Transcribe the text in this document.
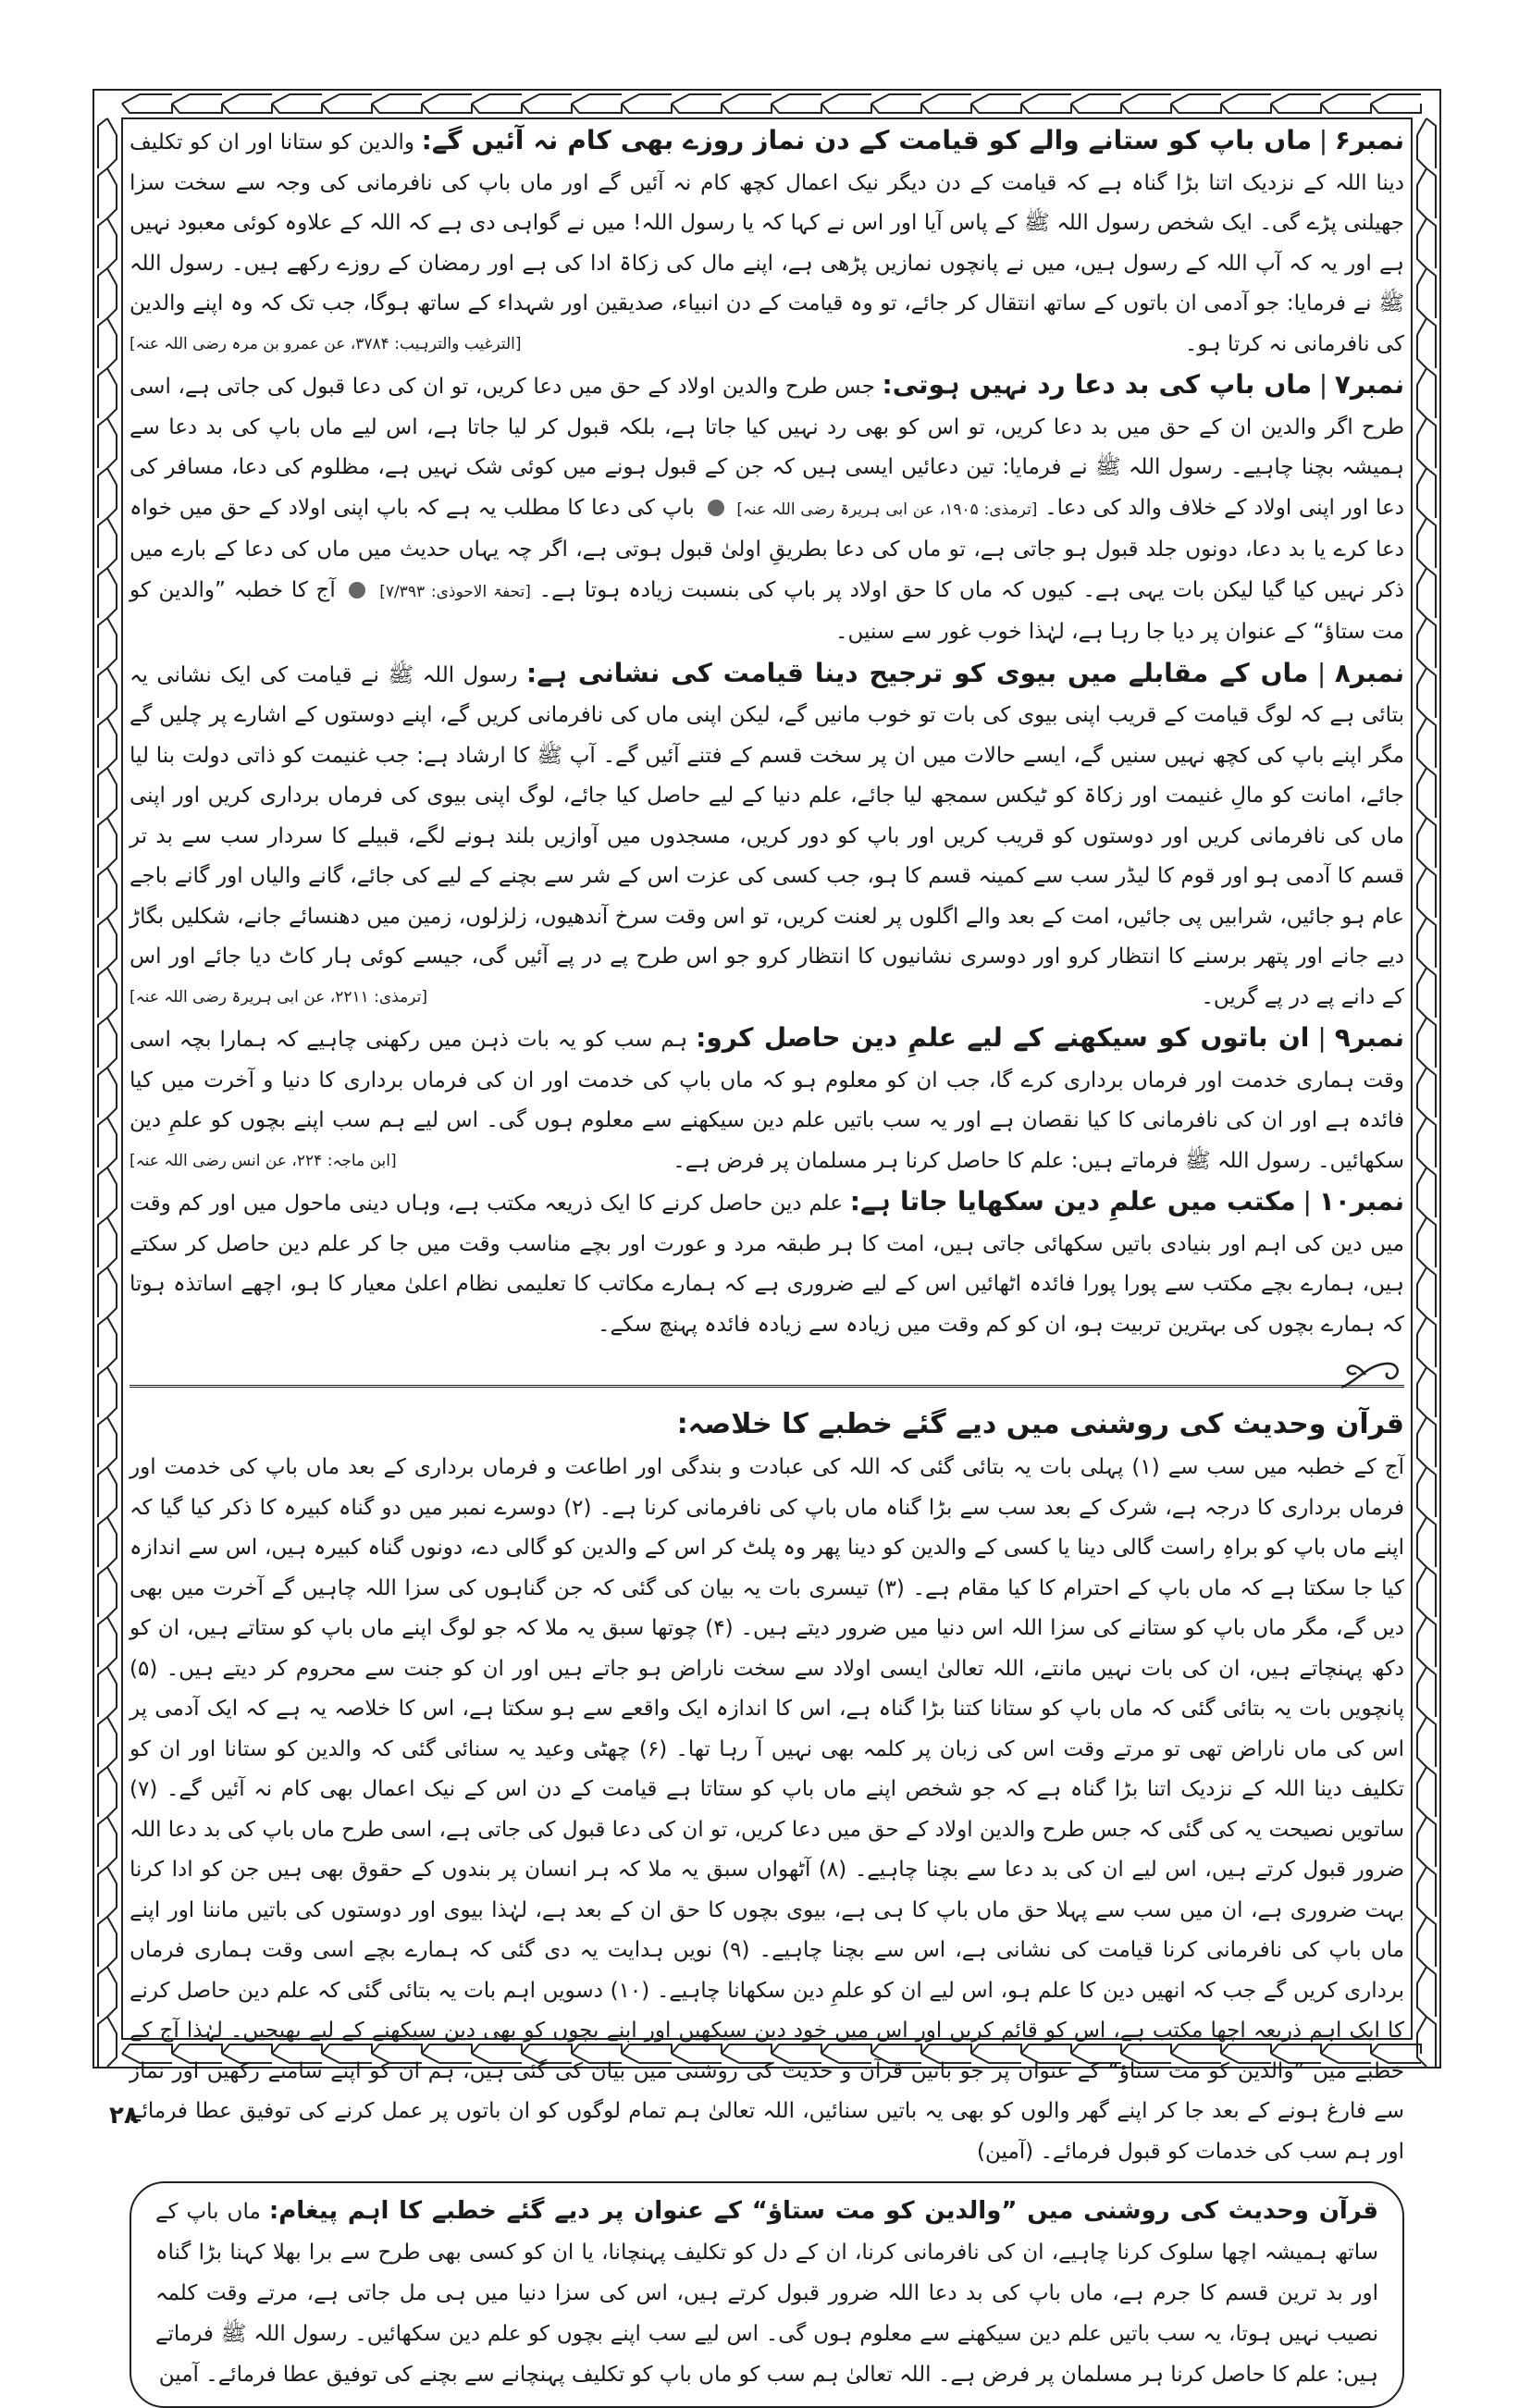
نمبر۶ | ماں باپ کو ستانے والے کو قیامت کے دن نماز روزے بھی کام نہ آئیں گے: والدین کو ستانا اور ان کو تکلیف دینا اللہ کے نزدیک اتنا بڑا گناہ ہے کہ قیامت کے دن دیگر نیک اعمال کچھ کام نہ آئیں گے اور ماں باپ کی نافرمانی کی وجہ سے سخت سزا جھیلنی پڑے گی۔ ایک شخص رسول اللہ ﷺ کے پاس آیا اور اس نے کہا کہ یا رسول اللہ! میں نے گواہی دی ہے کہ اللہ کے علاوہ کوئی معبود نہیں ہے اور یہ کہ آپ اللہ کے رسول ہیں، میں نے پانچوں نمازیں پڑھی ہے، اپنے مال کی زکاۃ ادا کی ہے اور رمضان کے روزے رکھے ہیں۔ رسول اللہ ﷺ نے فرمایا: جو آدمی ان باتوں کے ساتھ انتقال کر جائے، تو وہ قیامت کے دن انبیاء، صدیقین اور شہداء کے ساتھ ہوگا، جب تک کہ وہ اپنے والدین کی نافرمانی نہ کرتا ہو۔
[الترغیب والترہیب: ۳۷۸۴، عن عمرو بن مرہ رضی اللہ عنہ]

نمبر۷ | ماں باپ کی بد دعا رد نہیں ہوتی: جس طرح والدین اولاد کے حق میں دعا کریں، تو ان کی دعا قبول کی جاتی ہے، اسی طرح اگر والدین ان کے حق میں بد دعا کریں، تو اس کو بھی رد نہیں کیا جاتا ہے، بلکہ قبول کر لیا جاتا ہے، اس لیے ماں باپ کی بد دعا سے ہمیشہ بچنا چاہیے۔ رسول اللہ ﷺ نے فرمایا: تین دعائیں ایسی ہیں کہ جن کے قبول ہونے میں کوئی شک نہیں ہے، مظلوم کی دعا، مسافر کی دعا اور اپنی اولاد کے خلاف والد کی دعا۔ [ترمذی: ۱۹۰۵، عن ابی ہریرۃ رضی اللہ عنہ]  باپ کی دعا کا مطلب یہ ہے کہ باپ اپنی اولاد کے حق میں خواہ دعا کرے یا بد دعا، دونوں جلد قبول ہو جاتی ہے، تو ماں کی دعا بطریقِ اولیٰ قبول ہوتی ہے، اگر چہ یہاں حدیث میں ماں کی دعا کے بارے میں ذکر نہیں کیا گیا لیکن بات یہی ہے۔ کیوں کہ ماں کا حق اولاد پر باپ کی بنسبت زیادہ ہوتا ہے۔ [تحفۃ الاحوذی: ۷/۳۹۳]  آج کا خطبہ ”والدین کو مت ستاؤ“ کے عنوان پر دیا جا رہا ہے، لہٰذا خوب غور سے سنیں۔

نمبر۸ | ماں کے مقابلے میں بیوی کو ترجیح دینا قیامت کی نشانی ہے: رسول اللہ ﷺ نے قیامت کی ایک نشانی یہ بتائی ہے کہ لوگ قیامت کے قریب اپنی بیوی کی بات تو خوب مانیں گے، لیکن اپنی ماں کی نافرمانی کریں گے، اپنے دوستوں کے اشارے پر چلیں گے مگر اپنے باپ کی کچھ نہیں سنیں گے، ایسے حالات میں ان پر سخت قسم کے فتنے آئیں گے۔ آپ ﷺ کا ارشاد ہے: جب غنیمت کو ذاتی دولت بنا لیا جائے، امانت کو مالِ غنیمت اور زکاۃ کو ٹیکس سمجھ لیا جائے، علم دنیا کے لیے حاصل کیا جائے، لوگ اپنی بیوی کی فرماں برداری کریں اور اپنی ماں کی نافرمانی کریں اور دوستوں کو قریب کریں اور باپ کو دور کریں، مسجدوں میں آوازیں بلند ہونے لگے، قبیلے کا سردار سب سے بد تر قسم کا آدمی ہو اور قوم کا لیڈر سب سے کمینہ قسم کا ہو، جب کسی کی عزت اس کے شر سے بچنے کے لیے کی جائے، گانے والیاں اور گانے باجے عام ہو جائیں، شرابیں پی جائیں، امت کے بعد والے اگلوں پر لعنت کریں، تو اس وقت سرخ آندھیوں، زلزلوں، زمین میں دھنسائے جانے، شکلیں بگاڑ دیے جانے اور پتھر برسنے کا انتظار کرو اور دوسری نشانیوں کا انتظار کرو جو اس طرح پے در پے آئیں گی، جیسے کوئی ہار کاٹ دیا جائے اور اس کے دانے پے در پے گریں۔
[ترمذی: ۲۲۱۱، عن ابی ہریرۃ رضی اللہ عنہ]

نمبر۹ | ان باتوں کو سیکھنے کے لیے علمِ دین حاصل کرو: ہم سب کو یہ بات ذہن میں رکھنی چاہیے کہ ہمارا بچہ اسی وقت ہماری خدمت اور فرماں برداری کرے گا، جب ان کو معلوم ہو کہ ماں باپ کی خدمت اور ان کی فرماں برداری کا دنیا و آخرت میں کیا فائدہ ہے اور ان کی نافرمانی کا کیا نقصان ہے اور یہ سب باتیں علم دین سیکھنے سے معلوم ہوں گی۔ اس لیے ہم سب اپنے بچوں کو علمِ دین سکھائیں۔ رسول اللہ ﷺ فرماتے ہیں: علم کا حاصل کرنا ہر مسلمان پر فرض ہے۔
[ابن ماجہ: ۲۲۴، عن انس رضی اللہ عنہ]

نمبر۱۰ | مکتب میں علمِ دین سکھایا جاتا ہے: علم دین حاصل کرنے کا ایک ذریعہ مکتب ہے، وہاں دینی ماحول میں اور کم وقت میں دین کی اہم اور بنیادی باتیں سکھائی جاتی ہیں، امت کا ہر طبقہ مرد و عورت اور بچے مناسب وقت میں جا کر علم دین حاصل کر سکتے ہیں، ہمارے بچے مکتب سے پورا پورا فائدہ اٹھائیں اس کے لیے ضروری ہے کہ ہمارے مکاتب کا تعلیمی نظام اعلیٰ معیار کا ہو، اچھے اساتذہ ہوتا کہ ہمارے بچوں کی بہترین تربیت ہو، ان کو کم وقت میں زیادہ سے زیادہ فائدہ پہنچ سکے۔

قرآن وحدیث کی روشنی میں دیے گئے خطبے کا خلاصہ:

آج کے خطبہ میں سب سے (۱) پہلی بات یہ بتائی گئی کہ اللہ کی عبادت و بندگی اور اطاعت و فرماں برداری کے بعد ماں باپ کی خدمت اور فرماں برداری کا درجہ ہے، شرک کے بعد سب سے بڑا گناہ ماں باپ کی نافرمانی کرنا ہے۔ (۲) دوسرے نمبر میں دو گناہ کبیرہ کا ذکر کیا گیا کہ اپنے ماں باپ کو براہِ راست گالی دینا یا کسی کے والدین کو دینا پھر وہ پلٹ کر اس کے والدین کو گالی دے، دونوں گناہ کبیرہ ہیں، اس سے اندازہ کیا جا سکتا ہے کہ ماں باپ کے احترام کا کیا مقام ہے۔ (۳) تیسری بات یہ بیان کی گئی کہ جن گناہوں کی سزا اللہ چاہیں گے آخرت میں بھی دیں گے، مگر ماں باپ کو ستانے کی سزا اللہ اس دنیا میں ضرور دیتے ہیں۔ (۴) چوتھا سبق یہ ملا کہ جو لوگ اپنے ماں باپ کو ستاتے ہیں، ان کو دکھ پہنچاتے ہیں، ان کی بات نہیں مانتے، اللہ تعالیٰ ایسی اولاد سے سخت ناراض ہو جاتے ہیں اور ان کو جنت سے محروم کر دیتے ہیں۔ (۵) پانچویں بات یہ بتائی گئی کہ ماں باپ کو ستانا کتنا بڑا گناہ ہے، اس کا اندازہ ایک واقعے سے ہو سکتا ہے، اس کا خلاصہ یہ ہے کہ ایک آدمی پر اس کی ماں ناراض تھی تو مرتے وقت اس کی زبان پر کلمہ بھی نہیں آ رہا تھا۔ (۶) چھٹی وعید یہ سنائی گئی کہ والدین کو ستانا اور ان کو تکلیف دینا اللہ کے نزدیک اتنا بڑا گناہ ہے کہ جو شخص اپنے ماں باپ کو ستاتا ہے قیامت کے دن اس کے نیک اعمال بھی کام نہ آئیں گے۔ (۷) ساتویں نصیحت یہ کی گئی کہ جس طرح والدین اولاد کے حق میں دعا کریں، تو ان کی دعا قبول کی جاتی ہے، اسی طرح ماں باپ کی بد دعا اللہ ضرور قبول کرتے ہیں، اس لیے ان کی بد دعا سے بچنا چاہیے۔ (۸) آٹھواں سبق یہ ملا کہ ہر انسان پر بندوں کے حقوق بھی ہیں جن کو ادا کرنا بہت ضروری ہے، ان میں سب سے پہلا حق ماں باپ کا ہی ہے، بیوی بچوں کا حق ان کے بعد ہے، لہٰذا بیوی اور دوستوں کی باتیں ماننا اور اپنے ماں باپ کی نافرمانی کرنا قیامت کی نشانی ہے، اس سے بچنا چاہیے۔ (۹) نویں ہدایت یہ دی گئی کہ ہمارے بچے اسی وقت ہماری فرماں برداری کریں گے جب کہ انھیں دین کا علم ہو، اس لیے ان کو علمِ دین سکھانا چاہیے۔ (۱۰) دسویں اہم بات یہ بتائی گئی کہ علم دین حاصل کرنے کا ایک اہم ذریعہ اچھا مکتب ہے، اس کو قائم کریں اور اس میں خود دین سیکھیں اور اپنے بچوں کو بھی دین سیکھنے کے لیے بھیجیں۔ لہٰذا آج کے خطبے میں ”والدین کو مت ستاؤ“ کے عنوان پر جو باتیں قرآن و حدیث کی روشنی میں بیان کی گئی ہیں، ہم ان کو اپنے سامنے رکھیں اور نماز سے فارغ ہونے کے بعد جا کر اپنے گھر والوں کو بھی یہ باتیں سنائیں، اللہ تعالیٰ ہم تمام لوگوں کو ان باتوں پر عمل کرنے کی توفیق عطا فرمائے اور ہم سب کی خدمات کو قبول فرمائے۔ (آمین)

قرآن وحدیث کی روشنی میں ”والدین کو مت ستاؤ“ کے عنوان پر دیے گئے خطبے کا اہم پیغام: ماں باپ کے ساتھ ہمیشہ اچھا سلوک کرنا چاہیے، ان کی نافرمانی کرنا، ان کے دل کو تکلیف پہنچانا، یا ان کو کسی بھی طرح سے برا بھلا کہنا بڑا گناہ اور بد ترین قسم کا جرم ہے، ماں باپ کی بد دعا اللہ ضرور قبول کرتے ہیں، اس کی سزا دنیا میں ہی مل جاتی ہے، مرتے وقت کلمہ نصیب نہیں ہوتا، یہ سب باتیں علم دین سیکھنے سے معلوم ہوں گی۔ اس لیے سب اپنے بچوں کو علم دین سکھائیں۔ رسول اللہ ﷺ فرماتے ہیں: علم کا حاصل کرنا ہر مسلمان پر فرض ہے۔ اللہ تعالیٰ ہم سب کو ماں باپ کو تکلیف پہنچانے سے بچنے کی توفیق عطا فرمائے۔ آمین

۲۸
